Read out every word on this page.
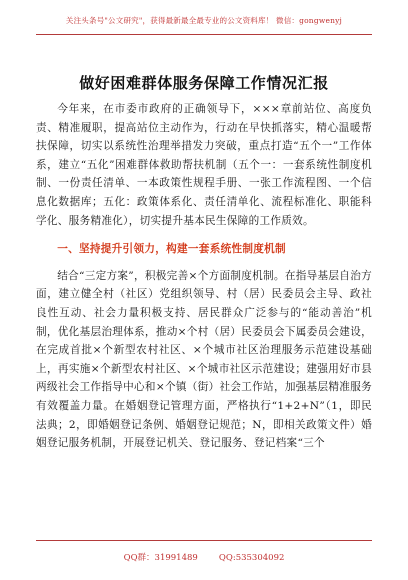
关注头条号"公文研究"，获得最新最全最专业的公文资料库！ 微信：gongwenyj
做好困难群体服务保障工作情况汇报

今年来，在市委市政府的正确领导下，×××章前站位、高度负责、精准履职，提高站位主动作为，行动在早快抓落实，精心温暖帮扶保障，切实以系统性治理举措发力突破，重点打造“五个一”工作体系，建立“五化”困难群体救助帮扶机制（五个一：一套系统性制度机制、一份责任清单、一本政策性规程手册、一张工作流程图、一个信息化数据库；五化：政策体系化、责任清单化、流程标准化、职能科学化、服务精准化），切实提升基本民生保障的工作质效。

一、坚持提升引领力，构建一套系统性制度机制

结合“三定方案”，积极完善×个方面制度机制。在指导基层自治方面，建立健全村（社区）党组织领导、村（居）民委员会主导、政社良性互动、社会力量积极支持、居民群众广泛参与的“能动善治”机制，优化基层治理体系，推动×个村（居）民委员会下属委员会建设，在完成首批×个新型农村社区、×个城市社区治理服务示范建设基础上，再实施×个新型农村社区、×个城市社区示范建设；建强用好市县两级社会工作指导中心和×个镇（街）社会工作站，加强基层精准服务有效覆盖力量。在婚姻登记管理方面，严格执行“1+2+N”（1，即民法典；2，即婚姻登记条例、婚姻登记规范；N，即相关政策文件）婚姻登记服务机制，开展登记机关、登记服务、登记档案“三个

QQ群：31991489 QQ:535304092
